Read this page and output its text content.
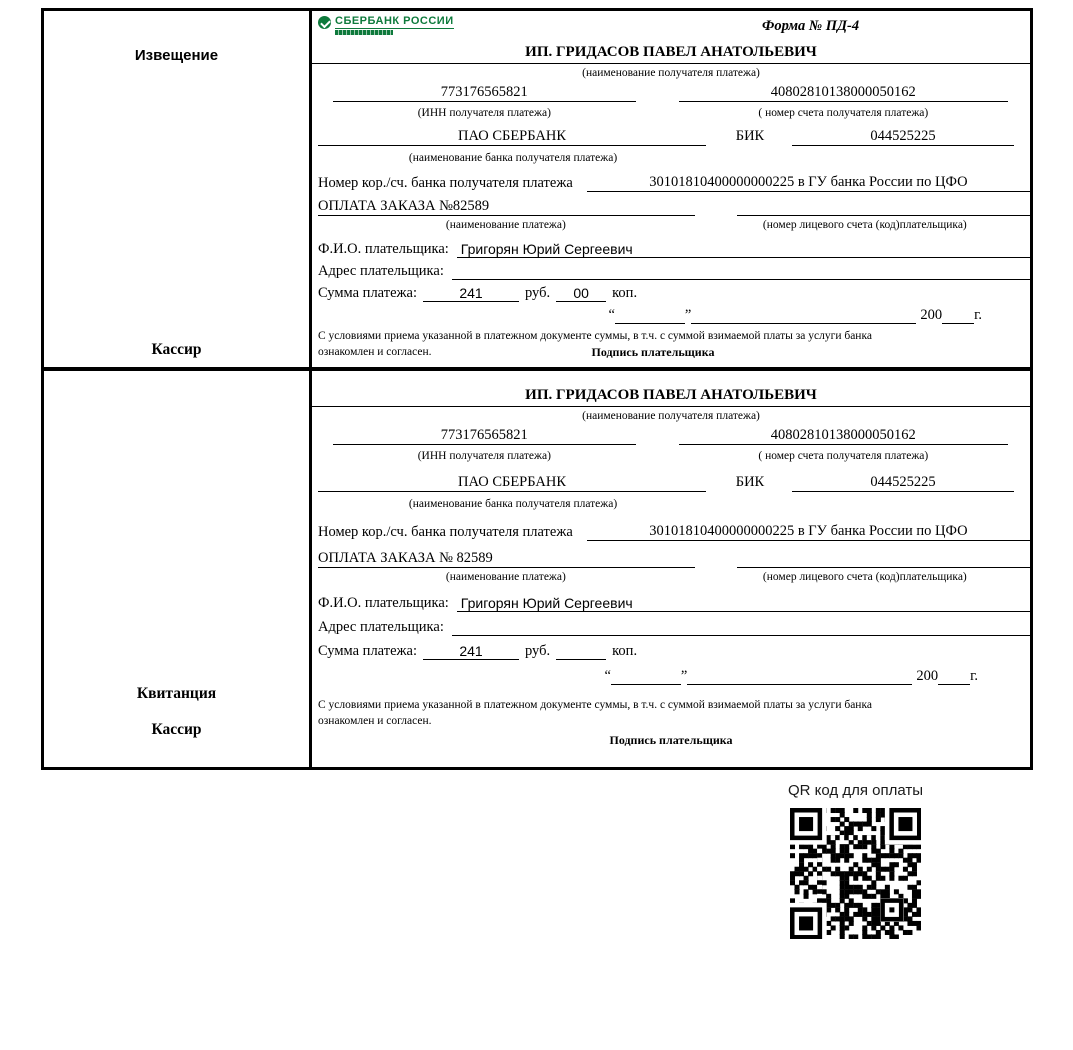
Извещение
Кассир
СБЕРБАНК РОССИИ	Форма № ПД-4
ИП. ГРИДАСОВ ПАВЕЛ АНАТОЛЬЕВИЧ
(наименование получателя платежа)
773176565821	40802810138000050162
(ИНН получателя платежа)	( номер счета получателя платежа)
ПАО СБЕРБАНК	БИК	044525225
(наименование банка получателя платежа)
Номер кор./сч. банка получателя платежа	30101810400000000225 в ГУ банка России по ЦФО
ОПЛАТА ЗАКАЗА №82589
(наименование платежа)	(номер лицевого счета (код)плательщика)
Ф.И.О. плательщика: Григорян Юрий Сергеевич
Адрес плательщика:
Сумма платежа:	241	руб.	00	коп.
“	”	200 г.
С условиями приема указанной в платежном документе суммы, в т.ч. с суммой взимаемой платы за услуги банка
ознакомлен и согласен.	Подпись плательщика
Квитанция
Кассир
ИП. ГРИДАСОВ ПАВЕЛ АНАТОЛЬЕВИЧ
(наименование получателя платежа)
773176565821	40802810138000050162
(ИНН получателя платежа)	( номер счета получателя платежа)
ПАО СБЕРБАНК	БИК	044525225
(наименование банка получателя платежа)
Номер кор./сч. банка получателя платежа	30101810400000000225 в ГУ банка России по ЦФО
ОПЛАТА ЗАКАЗА № 82589
(наименование платежа)	(номер лицевого счета (код)плательщика)
Ф.И.О. плательщика: Григорян Юрий Сергеевич
Адрес плательщика:
Сумма платежа:	241	руб.	коп.
“	”	200 г.
С условиями приема указанной в платежном документе суммы, в т.ч. с суммой взимаемой платы за услуги банка
ознакомлен и согласен.
Подпись плательщика
QR код для оплаты
